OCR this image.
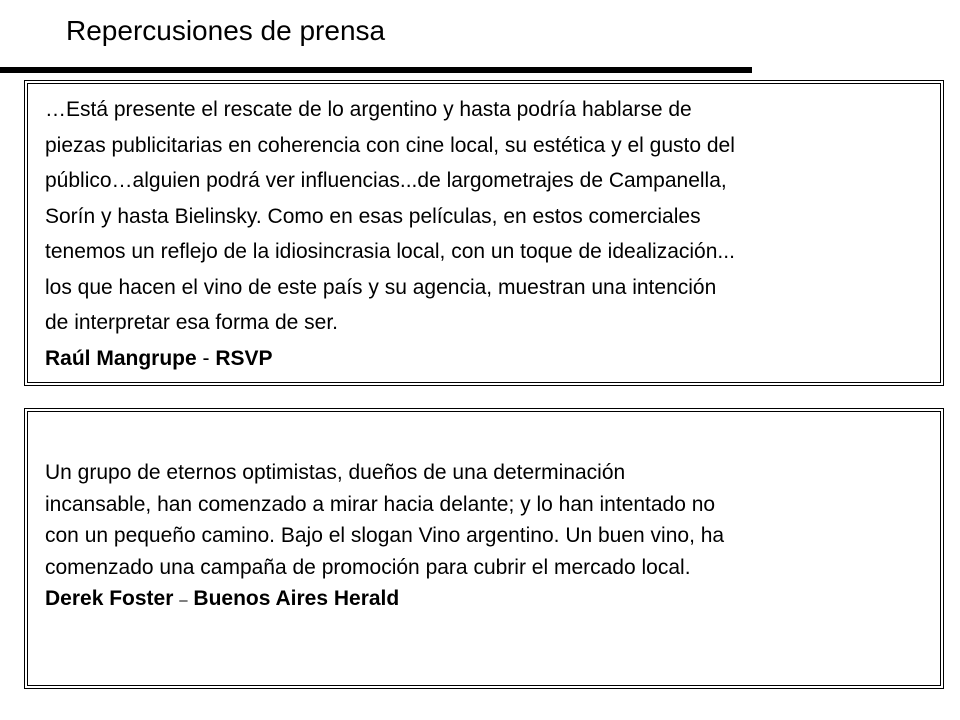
Repercusiones de prensa
…Está presente el rescate de lo argentino y hasta podría hablarse de
piezas publicitarias en coherencia con cine local, su estética y el gusto del
público…alguien podrá ver influencias...de largometrajes de Campanella,
Sorín y hasta Bielinsky. Como en esas películas, en estos comerciales
tenemos un reflejo de la idiosincrasia local, con un toque de idealización...
los que hacen el vino de este país y su agencia, muestran una intención
de interpretar esa forma de ser.
Raúl Mangrupe - RSVP
Un grupo de eternos optimistas, dueños de una determinación
incansable, han comenzado a mirar hacia delante; y lo han intentado no
con un pequeño camino. Bajo el slogan Vino argentino. Un buen vino, ha
comenzado una campaña de promoción para cubrir el mercado local.
Derek Foster – Buenos Aires Herald
